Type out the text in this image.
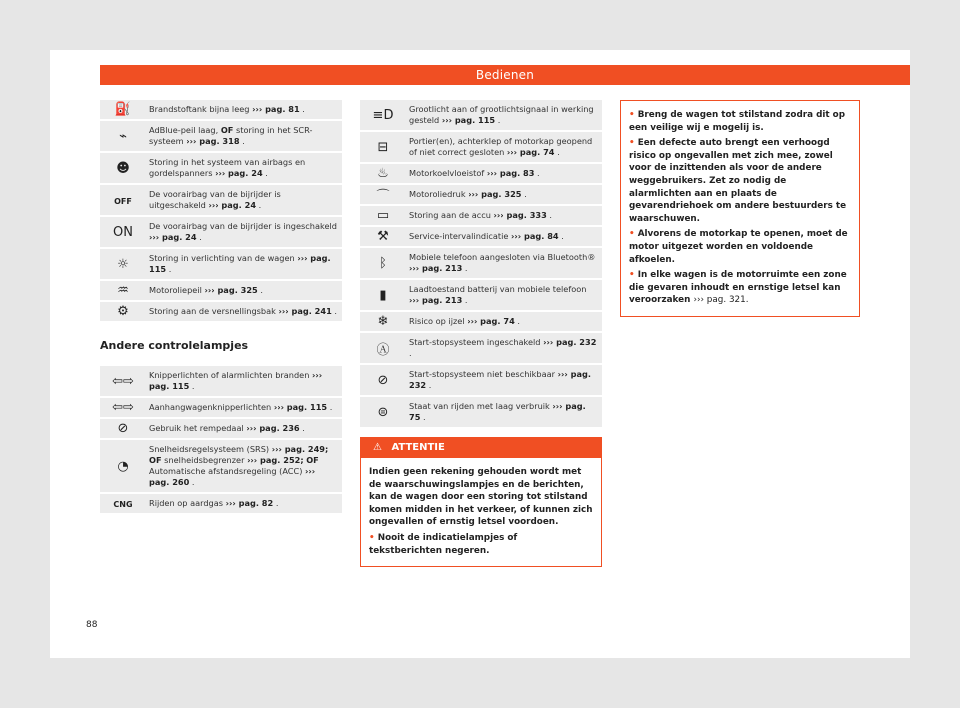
Bedienen
⛽	Brandstoftank bijna leeg ››› pag. 81 .
⌁	AdBlue-peil laag, OF storing in het SCR-systeem ››› pag. 318 .
☻	Storing in het systeem van airbags en gordelspanners ››› pag. 24 .
OFF	De voorairbag van de bijrijder is uitgeschakeld ››› pag. 24 .
ON	De voorairbag van de bijrijder is ingeschakeld ››› pag. 24 .
☼	Storing in verlichting van de wagen ››› pag. 115 .
♒	Motoroliepeil ››› pag. 325 .
⚙	Storing aan de versnellingsbak ››› pag. 241 .
Andere controlelampjes
⇦⇨	Knipperlichten of alarmlichten branden ››› pag. 115 .
⇦⇨	Aanhangwagenknipperlichten ››› pag. 115 .
⊘	Gebruik het rempedaal ››› pag. 236 .
◔	Snelheidsregelsysteem (SRS) ››› pag. 249; OF snelheidsbegrenzer ››› pag. 252; OF Automatische afstandsregeling (ACC) ››› pag. 260 .
CNG	Rijden op aardgas ››› pag. 82 .
≡D	Grootlicht aan of grootlichtsignaal in werking gesteld ››› pag. 115 .
⊟	Portier(en), achterklep of motorkap geopend of niet correct gesloten ››› pag. 74 .
♨	Motorkoelvloeistof ››› pag. 83 .
⌒	Motoroliedruk ››› pag. 325 .
▭	Storing aan de accu ››› pag. 333 .
⚒	Service-intervalindicatie ››› pag. 84 .
ᛒ	Mobiele telefoon aangesloten via Bluetooth® ››› pag. 213 .
▮	Laadtoestand batterij van mobiele telefoon ››› pag. 213 .
❄	Risico op ijzel ››› pag. 74 .
Ⓐ	Start-stopsysteem ingeschakeld ››› pag. 232 .
⊘	Start-stopsysteem niet beschikbaar ››› pag. 232 .
⊜	Staat van rijden met laag verbruik ››› pag. 75 .
⚠ ATTENTIE

Indien geen rekening gehouden wordt met de waarschuwingslampjes en de berichten, kan de wagen door een storing tot stilstand komen midden in het verkeer, of kunnen zich ongevallen of ernstig letsel voordoen.

• Nooit de indicatielampjes of tekstberichten negeren.

• Breng de wagen tot stilstand zodra dit op een veilige wij e mogelij is.

• Een defecte auto brengt een verhoogd risico op ongevallen met zich mee, zowel voor de inzittenden als voor de andere weggebruikers. Zet zo nodig de alarmlichten aan en plaats de gevarendriehoek om andere bestuurders te waarschuwen.

• Alvorens de motorkap te openen, moet de motor uitgezet worden en voldoende afkoelen.

• In elke wagen is de motorruimte een zone die gevaren inhoudt en ernstige letsel kan veroorzaken ››› pag. 321.

88
